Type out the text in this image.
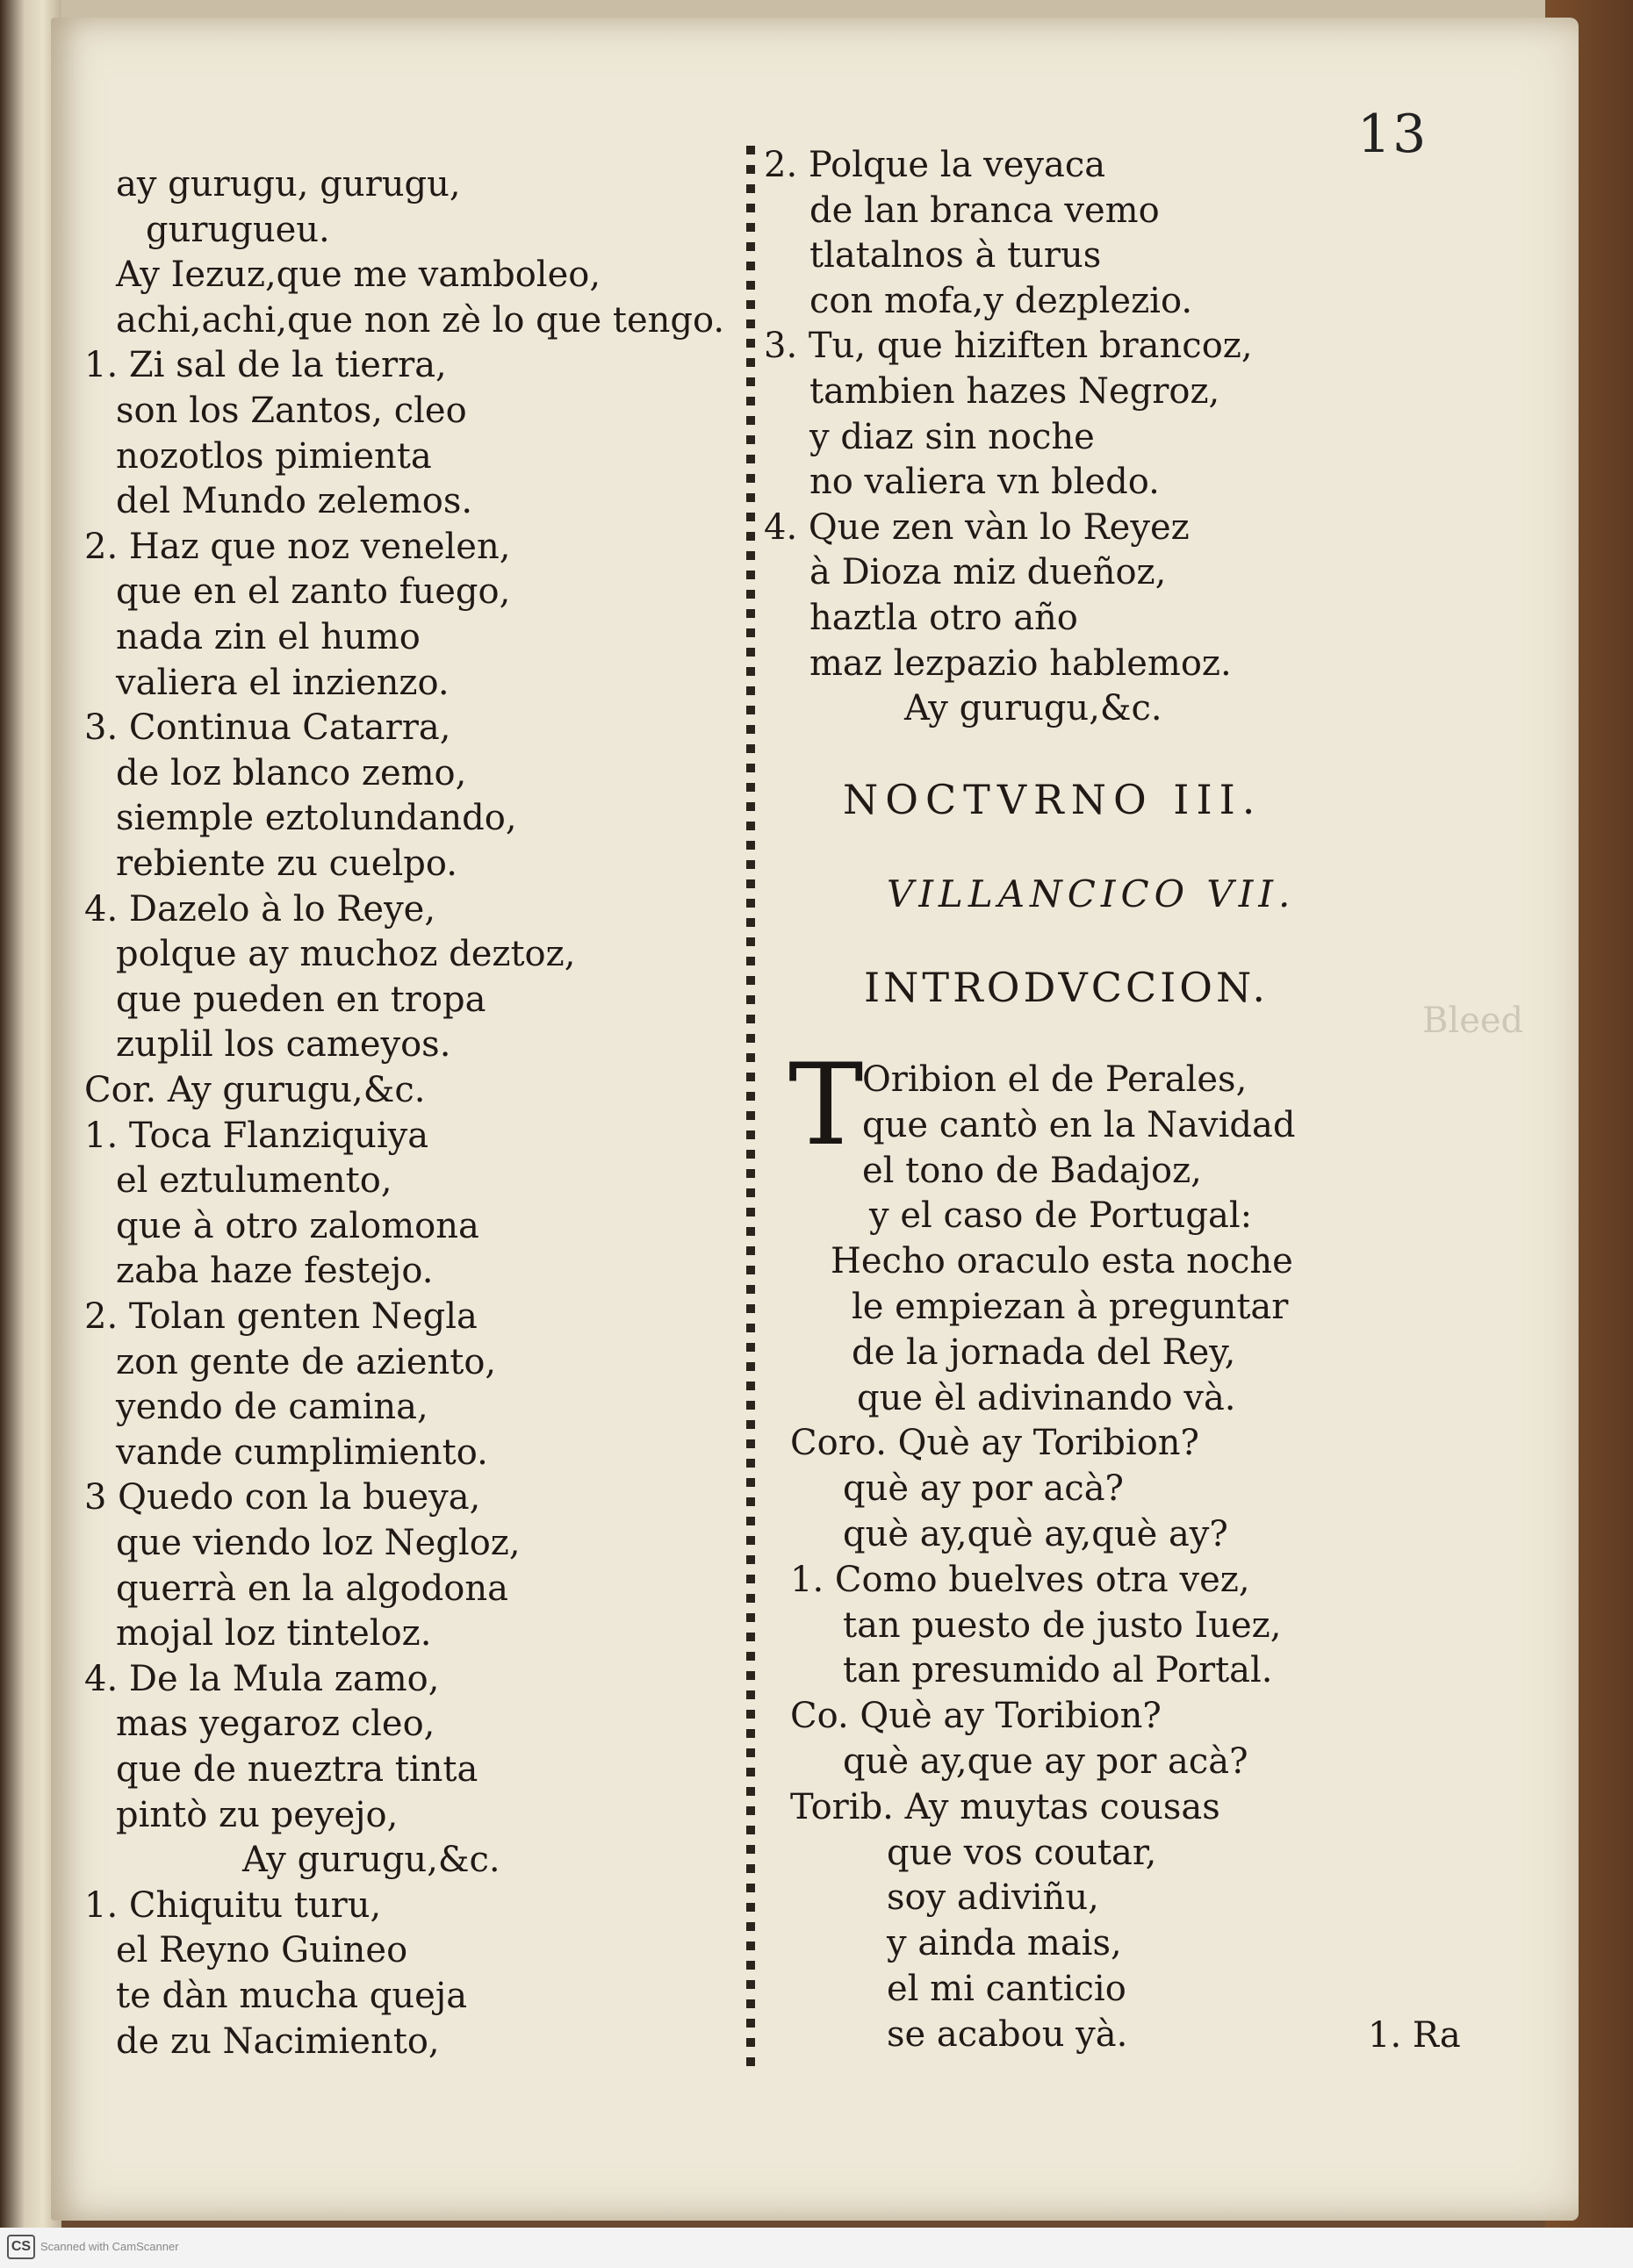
Bleed
13
ay gurugu, gurugu,
gurugueu.
Ay Iezuz,que me vamboleo,
achi,achi,que non zè lo que tengo.
1. Zi sal de la tierra,
son los Zantos, cleo
nozotlos pimienta
del Mundo zelemos.
2. Haz que noz venelen,
que en el zanto fuego,
nada zin el humo
valiera el inzienzo.
3. Continua Catarra,
de loz blanco zemo,
siemple eztolundando,
rebiente zu cuelpo.
4. Dazelo à lo Reye,
polque ay muchoz deztoz,
que pueden en tropa
zuplil los cameyos.
Cor. Ay gurugu,&c.
1. Toca Flanziquiya
el eztulumento,
que à otro zalomona
zaba haze festejo.
2. Tolan genten Negla
zon gente de aziento,
yendo de camina,
vande cumplimiento.
3 Quedo con la bueya,
que viendo loz Negloz,
querrà en la algodona
mojal loz tinteloz.
4. De la Mula zamo,
mas yegaroz cleo,
que de nueztra tinta
pintò zu peyejo,
Ay gurugu,&c.
1. Chiquitu turu,
el Reyno Guineo
te dàn mucha queja
de zu Nacimiento,
2. Polque la veyaca
de lan branca vemo
tlatalnos à turus
con mofa,y dezplezio.
3. Tu, que hiziften brancoz,
tambien hazes Negroz,
y diaz sin noche
no valiera vn bledo.
4. Que zen vàn lo Reyez
à Dioza miz dueñoz,
haztla otro año
maz lezpazio hablemoz.
Ay gurugu,&c.
NOCTVRNO III.
VILLANCICO VII.
INTRODVCCION.
T
Oribion el de Perales,
que cantò en la Navidad
el tono de Badajoz,
y el caso de Portugal:
Hecho oraculo esta noche
le empiezan à preguntar
de la jornada del Rey,
que èl adivinando và.
Coro. Què ay Toribion?
què ay por acà?
què ay,què ay,què ay?
1. Como buelves otra vez,
tan puesto de justo Iuez,
tan presumido al Portal.
Co. Què ay Toribion?
què ay,que ay por acà?
Torib. Ay muytas cousas
que vos coutar,
soy adiviñu,
y ainda mais,
el mi canticio
se acabou yà.	1. Ra
CS Scanned with CamScanner
